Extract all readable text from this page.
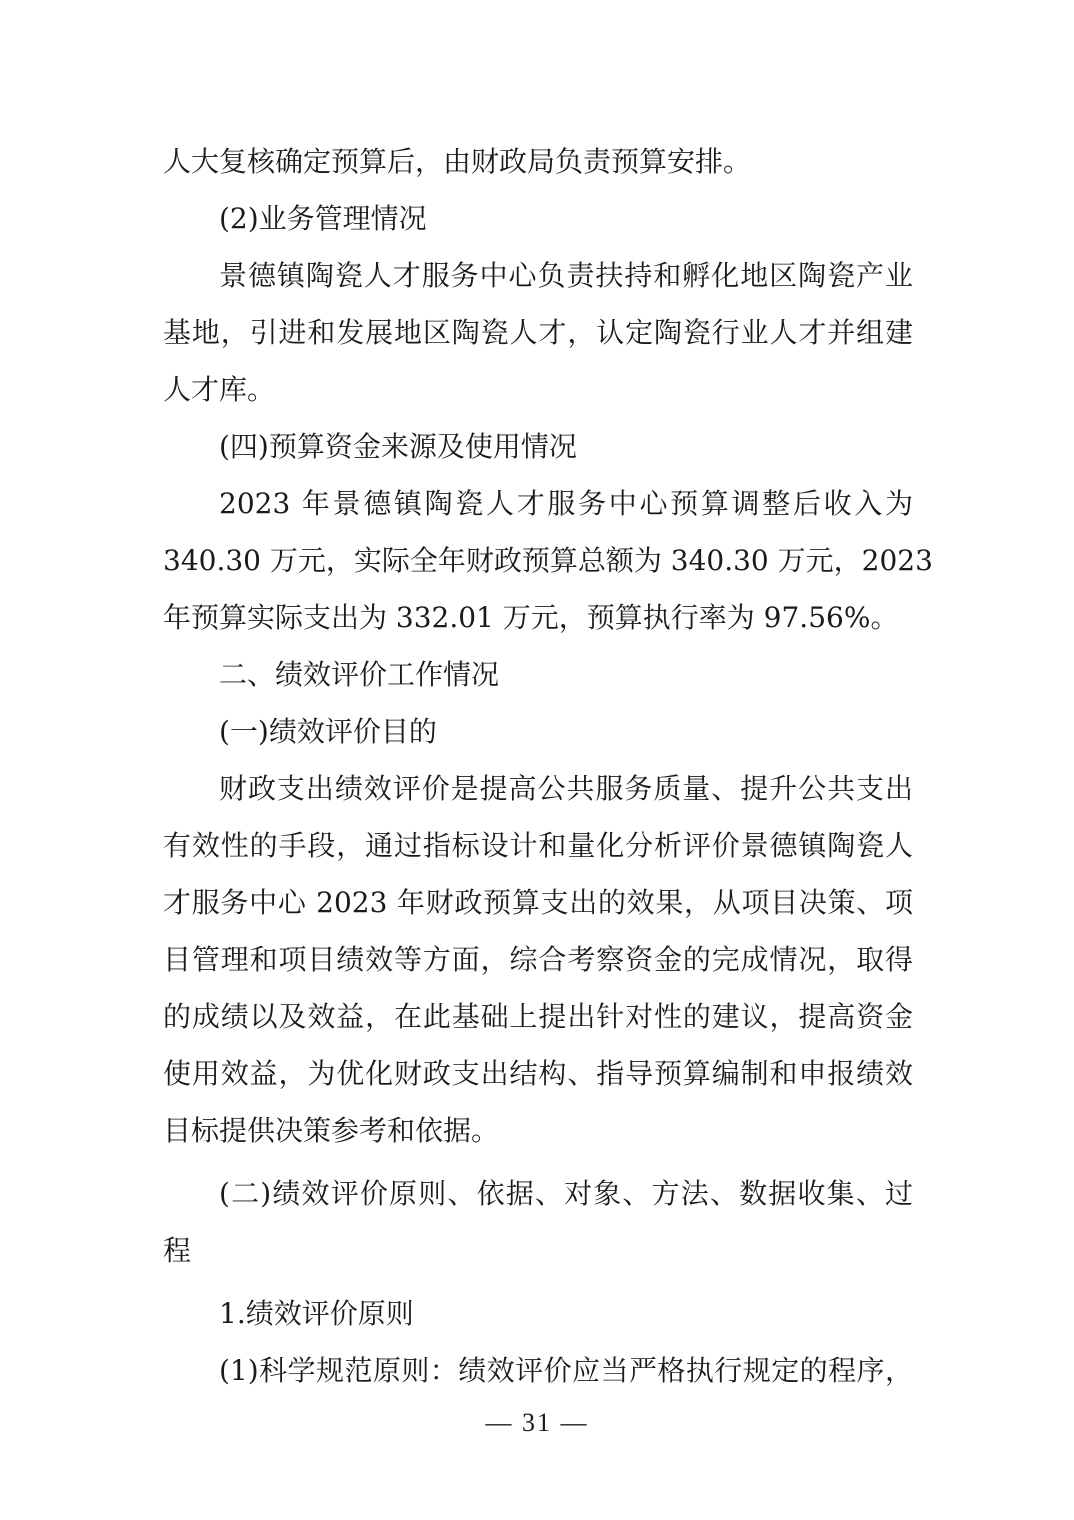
人大复核确定预算后，由财政局负责预算安排。
(2)业务管理情况
景德镇陶瓷人才服务中心负责扶持和孵化地区陶瓷产业
基地，引进和发展地区陶瓷人才，认定陶瓷行业人才并组建
人才库。
(四)预算资金来源及使用情况
2023 年景德镇陶瓷人才服务中心预算调整后收入为
340.30 万元，实际全年财政预算总额为 340.30 万元，2023
年预算实际支出为 332.01 万元，预算执行率为 97.56%。
二、绩效评价工作情况
(一)绩效评价目的
财政支出绩效评价是提高公共服务质量、提升公共支出
有效性的手段，通过指标设计和量化分析评价景德镇陶瓷人
才服务中心 2023 年财政预算支出的效果，从项目决策、项
目管理和项目绩效等方面，综合考察资金的完成情况，取得
的成绩以及效益，在此基础上提出针对性的建议，提高资金
使用效益，为优化财政支出结构、指导预算编制和申报绩效
目标提供决策参考和依据。
(二)绩效评价原则、依据、对象、方法、数据收集、过
程
1.绩效评价原则
(1)科学规范原则：绩效评价应当严格执行规定的程序，
— 31 —
